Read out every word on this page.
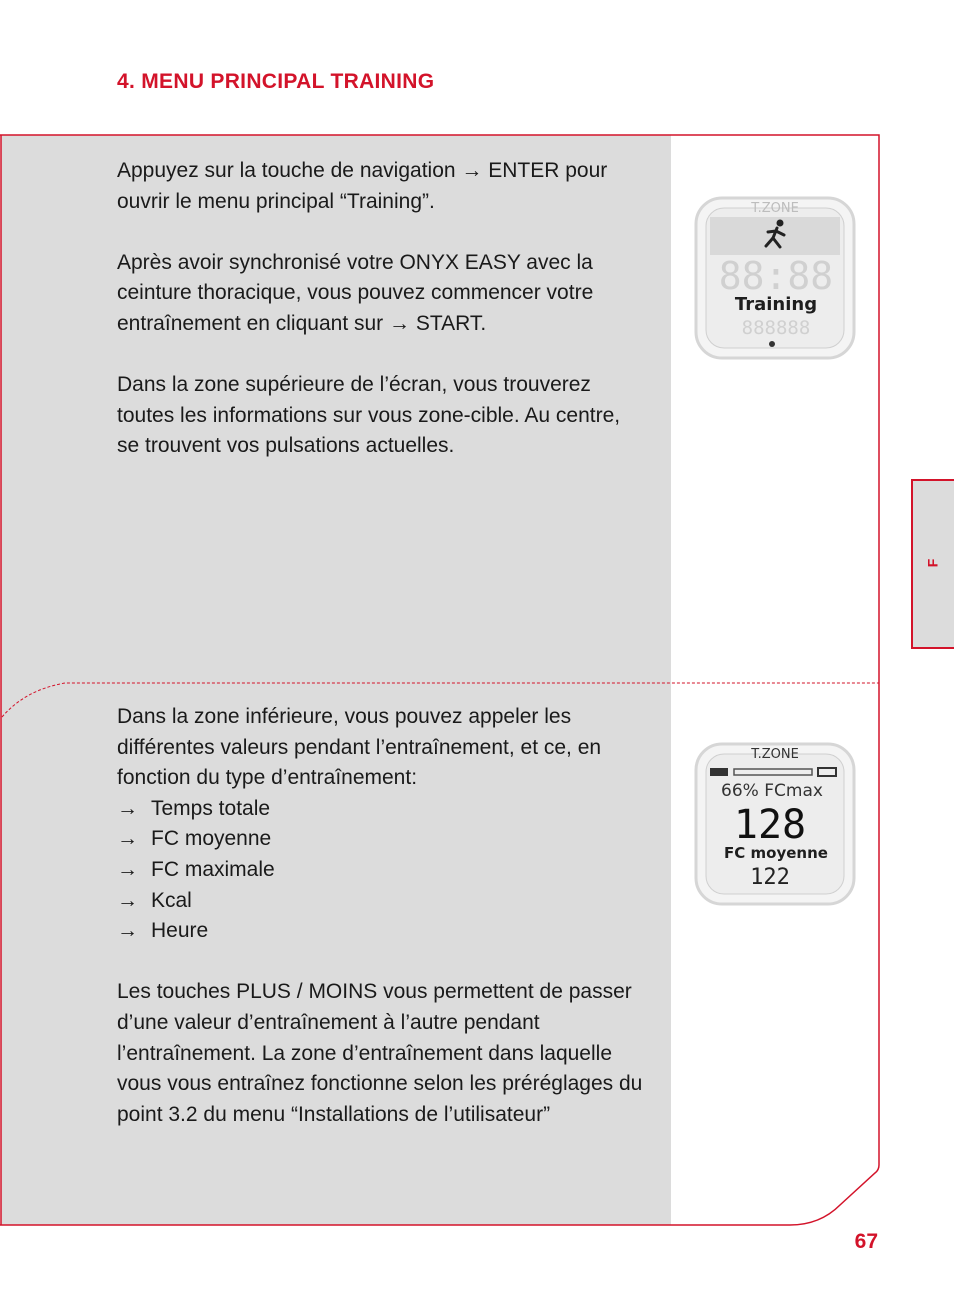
4. MENU PRINCIPAL TRAINING

Appuyez sur la touche de navigation → ENTER pour ouvrir le menu principal “Training”.

Après avoir synchronisé votre ONYX EASY avec la ceinture thoracique, vous pouvez commencer votre entraînement en cliquant sur → START.

Dans la zone supérieure de l’écran, vous trouverez toutes les informations sur vous zone-cible. Au centre, se trouvent vos pulsations actuelles.

Dans la zone inférieure, vous pouvez appeler les différentes valeurs pendant l’entraînement, et ce, en fonction du type d’entraînement:

→ Temps totale
→ FC moyenne
→ FC maximale
→ Kcal
→ Heure

Les touches PLUS / MOINS vous permettent de passer d’une valeur d’entraînement à l’autre pendant l’entraînement. La zone d’entraînement dans laquelle vous vous entraînez fonctionne selon les préréglages du point 3.2 du menu “Installations de l’utilisateur”

T.ZONE
88:88
Training
888888
T.ZONE
66% FCmax
128
FC moyenne
122
F
67
